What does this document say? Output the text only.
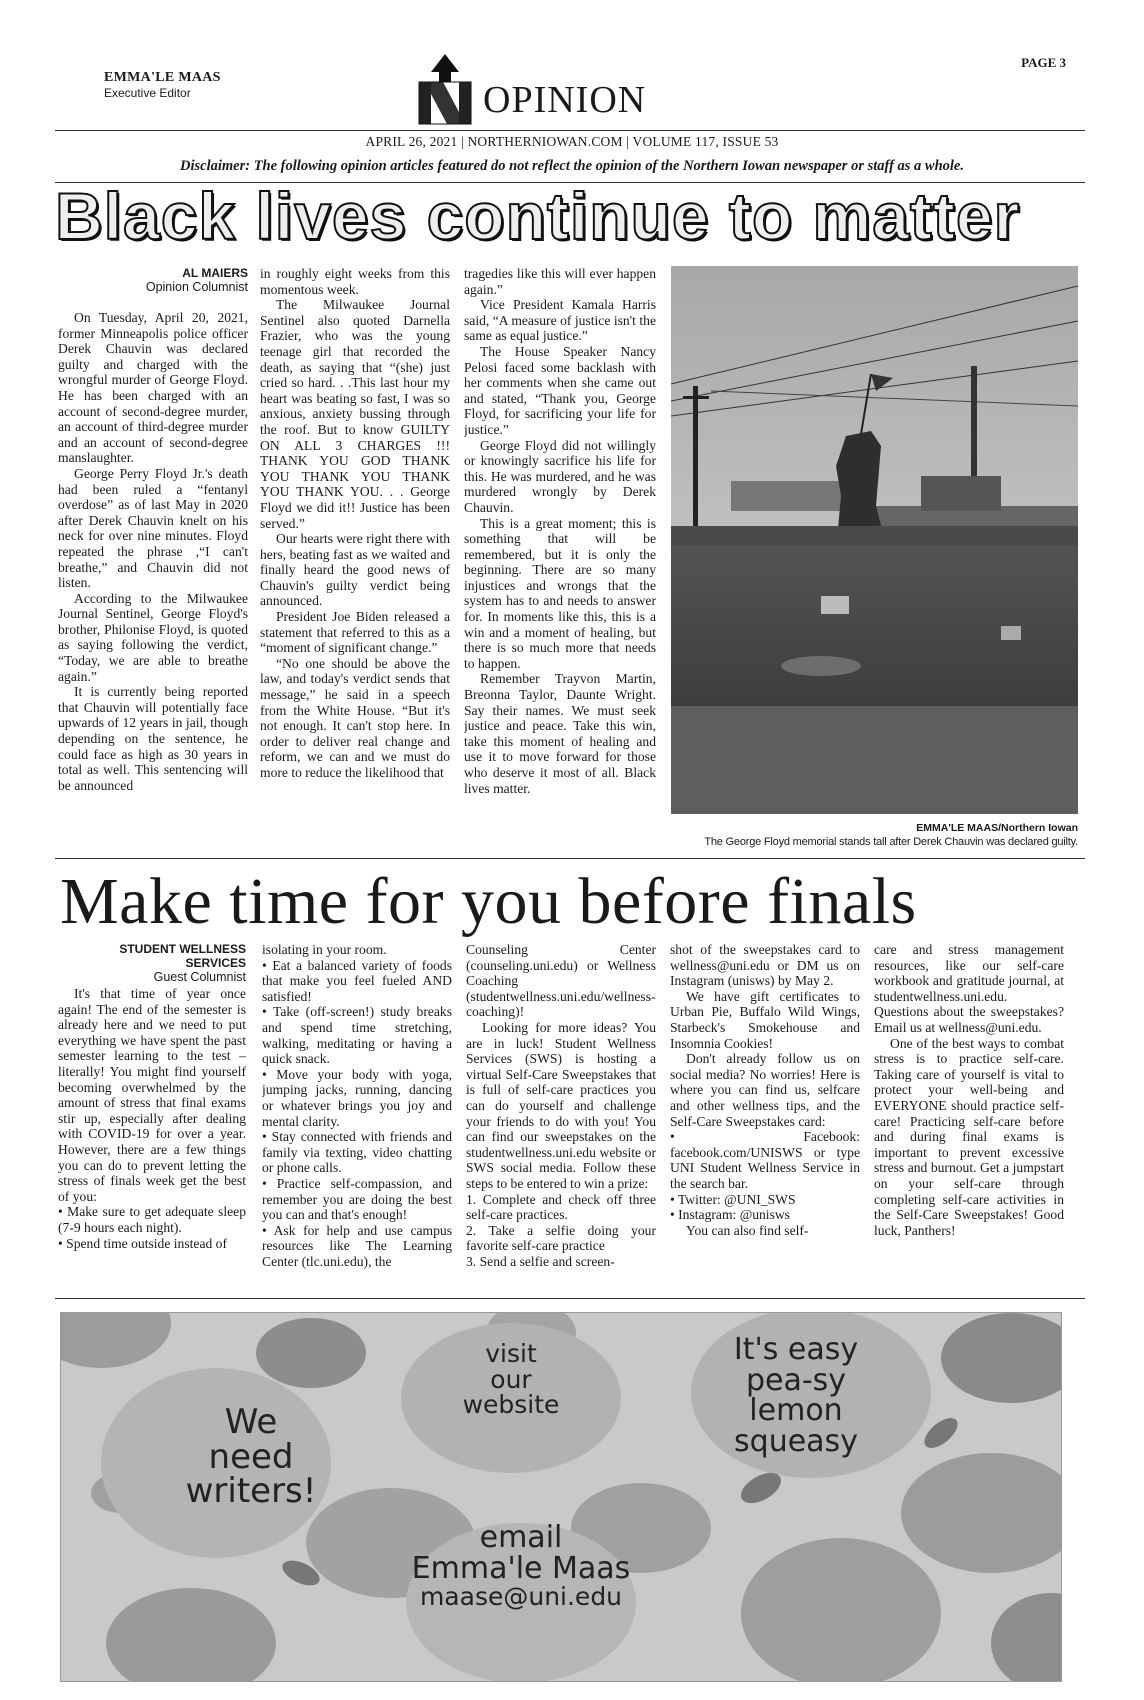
EMMA'LE MAAS
Executive Editor	OPINION
PAGE 3
APRIL 26, 2021 | NORTHERNIOWAN.COM | VOLUME 117, ISSUE 53
Disclaimer: The following opinion articles featured do not reflect the opinion of the Northern Iowan newspaper or staff as a whole.
Black lives continue to matter
AL MAIERS
Opinion Columnist

On Tuesday, April 20, 2021, former Minneapolis police officer Derek Chauvin was declared guilty and charged with the wrongful murder of George Floyd. He has been charged with an account of second-degree murder, an account of third-degree murder and an account of second-degree manslaughter.

George Perry Floyd Jr.'s death had been ruled a “fentanyl overdose” as of last May in 2020 after Derek Chauvin knelt on his neck for over nine minutes. Floyd repeated the phrase ,“I can't breathe,” and Chauvin did not listen.

According to the Milwaukee Journal Sentinel, George Floyd's brother, Philonise Floyd, is quoted as saying following the verdict, “Today, we are able to breathe again.”

It is currently being reported that Chauvin will potentially face upwards of 12 years in jail, though depending on the sentence, he could face as high as 30 years in total as well. This sentencing will be announced

in roughly eight weeks from this momentous week.

The Milwaukee Journal Sentinel also quoted Darnella Frazier, who was the young teenage girl that recorded the death, as saying that “(she) just cried so hard. . .This last hour my heart was beating so fast, I was so anxious, anxiety bussing through the roof. But to know GUILTY ON ALL 3 CHARGES !!! THANK YOU GOD THANK YOU THANK YOU THANK YOU THANK YOU. . . George Floyd we did it!! Justice has been served.”

Our hearts were right there with hers, beating fast as we waited and finally heard the good news of Chauvin's guilty verdict being announced.

President Joe Biden released a statement that referred to this as a “moment of significant change.”

“No one should be above the law, and today's verdict sends that message,” he said in a speech from the White House. “But it's not enough. It can't stop here. In order to deliver real change and reform, we can and we must do more to reduce the likelihood that

tragedies like this will ever happen again.”

Vice President Kamala Harris said, “A measure of justice isn't the same as equal justice.”

The House Speaker Nancy Pelosi faced some backlash with her comments when she came out and stated, “Thank you, George Floyd, for sacrificing your life for justice.”

George Floyd did not willingly or knowingly sacrifice his life for this. He was murdered, and he was murdered wrongly by Derek Chauvin.

This is a great moment; this is something that will be remembered, but it is only the beginning. There are so many injustices and wrongs that the system has to and needs to answer for. In moments like this, this is a win and a moment of healing, but there is so much more that needs to happen.

Remember Trayvon Martin, Breonna Taylor, Daunte Wright. Say their names. We must seek justice and peace. Take this win, take this moment of healing and use it to move forward for those who deserve it most of all. Black lives matter.

EMMA'LE MAAS/Northern Iowan
The George Floyd memorial stands tall after Derek Chauvin was declared guilty.
Make time for you before finals
STUDENT WELLNESS SERVICES
Guest Columnist

It's that time of year once again! The end of the semester is already here and we need to put everything we have spent the past semester learning to the test – literally! You might find yourself becoming overwhelmed by the amount of stress that final exams stir up, especially after dealing with COVID-19 for over a year. However, there are a few things you can do to prevent letting the stress of finals week get the best of you:

• Make sure to get adequate sleep (7-9 hours each night).

• Spend time outside instead of

isolating in your room.

• Eat a balanced variety of foods that make you feel fueled AND satisfied!

• Take (off-screen!) study breaks and spend time stretching, walking, meditating or having a quick snack.

• Move your body with yoga, jumping jacks, running, dancing or whatever brings you joy and mental clarity.

• Stay connected with friends and family via texting, video chatting or phone calls.

• Practice self-compassion, and remember you are doing the best you can and that's enough!

• Ask for help and use campus resources like The Learning Center (tlc.uni.edu), the

Counseling Center (counseling.uni.edu) or Wellness Coaching (studentwellness.uni.edu/wellness-coaching)!

Looking for more ideas? You are in luck! Student Wellness Services (SWS) is hosting a virtual Self-Care Sweepstakes that is full of self-care practices you can do yourself and challenge your friends to do with you! You can find our sweepstakes on the studentwellness.uni.edu website or SWS social media. Follow these steps to be entered to win a prize:

1. Complete and check off three self-care practices.

2. Take a selfie doing your favorite self-care practice

3. Send a selfie and screen-

shot of the sweepstakes card to wellness@uni.edu or DM us on Instagram (unisws) by May 2.

We have gift certificates to Urban Pie, Buffalo Wild Wings, Starbeck's Smokehouse and Insomnia Cookies!

Don't already follow us on social media? No worries! Here is where you can find us, selfcare and other wellness tips, and the Self-Care Sweepstakes card:

• Facebook: facebook.com/UNISWS or type UNI Student Wellness Service in the search bar.

• Twitter: @UNI_SWS

• Instagram: @unisws

You can also find self-

care and stress management resources, like our self-care workbook and gratitude journal, at studentwellness.uni.edu. Questions about the sweepstakes? Email us at wellness@uni.edu.

One of the best ways to combat stress is to practice self-care. Taking care of yourself is vital to protect your well-being and EVERYONE should practice self-care! Practicing self-care before and during final exams is important to prevent excessive stress and burnout. Get a jumpstart on your self-care through completing self-care activities in the Self-Care Sweepstakes! Good luck, Panthers!

We
need
writers!
visit
our
website
It's easy
pea-sy
lemon
squeasy
email
Emma'le Maas
maase@uni.edu
